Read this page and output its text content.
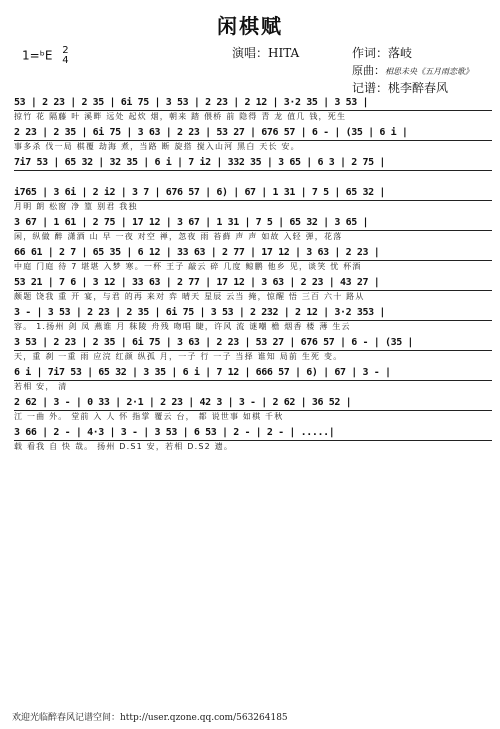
闲棋赋
1=ᵇE 2
4
演唱：HITA	作词：落岐
原曲：相思未央《五月雨恋歌》
记谱：桃李醉春风
53 | 2 23 | 2 35 | 6i 75 | 3 53 | 2 23 | 2 12 | 3·2 35 | 3 53 |
掠竹 花 隔藤 叶 溪畔 远处 起炊 烟，朝来 踏 偎桥 前 隐得 青 龙 值几 钱，死生
2 23 | 2 35 | 6i 75 | 3 63 | 2 23 | 53 27 | 676 57 | 6 - | (35 | 6 i |
事多杀 伐一局 棋覆 劫海 煮，当路 断 旋搭 搅入山河 黑白 天长 安。
7i7 53 | 65 32 | 32 35 | 6 i | 7 i2 | 332 35 | 3 65 | 6 3 | 2 75 |
i765 | 3 6i | 2 i2 | 3 7 | 676 57 | 6) | 67 | 1 31 | 7 5 | 65 32 |
月明 朗 松窗 净 篁 别君 我独
3 67 | 1 61 | 2 75 | 17 12 | 3 67 | 1 31 | 7 5 | 65 32 | 3 65 |
闲，纵做 醉 潇酒 山 早 一夜 对空 禅，忽夜 雨 苔藓 声 声 如故 入轻 弹，花落
66 61 | 2 7 | 65 35 | 6 12 | 33 63 | 2 77 | 17 12 | 3 63 | 2 23 |
中庭 门庭 待 7 堪堪 入梦 寒。一杯 王子 敲云 碎 几度 鲸鹏 他乡 见，谈笑 忧 杯酒
53 21 | 7 6 | 3 12 | 33 63 | 2 77 | 17 12 | 3 63 | 2 23 | 43 27 |
颇题 饶我 重 开 宴，与君 的再 来对 弈 晴天 星辰 云当 掩，惊醒 悟 三百 六十 路从
3 - | 3 53 | 2 23 | 2 35 | 6i 75 | 3 53 | 2 232 | 2 12 | 3·2 353 |
容。 1.扬州 剑 凤 燕谁 月 秣陵 舟残 吻唱 睫，许风 流 谜嘲 檐 烟香 楼 薄 生云
3 53 | 2 23 | 2 35 | 6i 75 | 3 63 | 2 23 | 53 27 | 676 57 | 6 - | (35 |
天，重 刹 一重 雨 应浣 红颜 纵孤 月，一子 行 一子 当择 谁知 局前 生死 变。
6 i | 7i7 53 | 65 32 | 3 35 | 6 i | 7 12 | 666 57 | 6) | 67 | 3 - |
若相 安， 清
2 62 | 3 - | 0 33 | 2·1 | 2 23 | 42 3 | 3 - | 2 62 | 36 52 |
江 一曲 外。 堂前 入 人 怀 指掌 覆云 台， 都 说世事 如棋 千秋
3 66 | 2 - | 4·3 | 3 - | 3 53 | 6 53 | 2 - | 2 - | .....|
载 看我 自 快 哉。 扬州 D.S1 安，若相 D.S2 遗。
欢迎光临醉春风记谱空间：http://user.qzone.qq.com/563264185
